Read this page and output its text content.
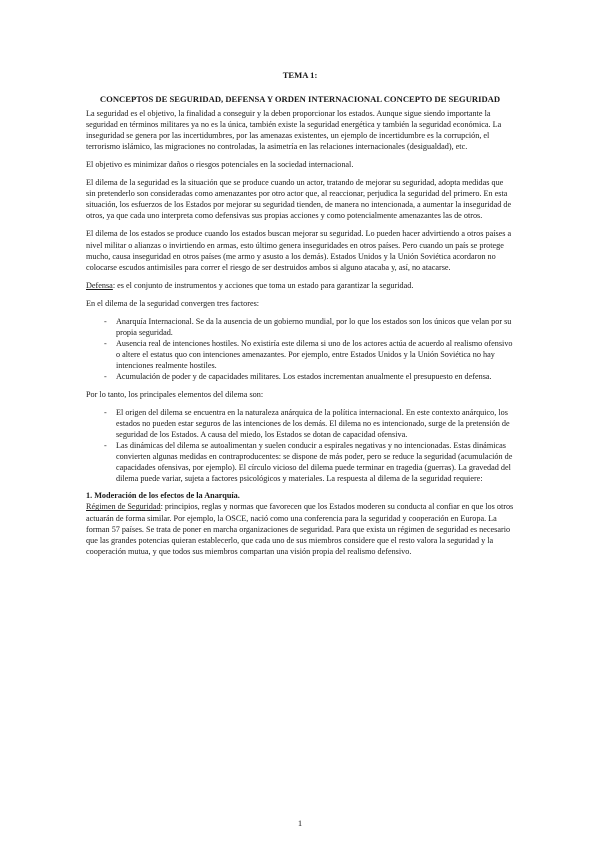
TEMA 1:
CONCEPTOS DE SEGURIDAD, DEFENSA Y ORDEN INTERNACIONAL CONCEPTO DE SEGURIDAD

La seguridad es el objetivo, la finalidad a conseguir y la deben proporcionar los estados. Aunque sigue siendo importante la seguridad en términos militares ya no es la única, también existe la seguridad energética y también la seguridad económica. La inseguridad se genera por las incertidumbres, por las amenazas existentes, un ejemplo de incertidumbre es la corrupción, el terrorismo islámico, las migraciones no controladas, la asimetría en las relaciones internacionales (desigualdad), etc.

El objetivo es minimizar daños o riesgos potenciales en la sociedad internacional.

El dilema de la seguridad es la situación que se produce cuando un actor, tratando de mejorar su seguridad, adopta medidas que sin pretenderlo son consideradas como amenazantes por otro actor que, al reaccionar, perjudica la seguridad del primero. En esta situación, los esfuerzos de los Estados por mejorar su seguridad tienden, de manera no intencionada, a aumentar la inseguridad de otros, ya que cada uno interpreta como defensivas sus propias acciones y como potencialmente amenazantes las de otros.

El dilema de los estados se produce cuando los estados buscan mejorar su seguridad. Lo pueden hacer advirtiendo a otros países a nivel militar o alianzas o invirtiendo en armas, esto último genera inseguridades en otros países. Pero cuando un país se protege mucho, causa inseguridad en otros países (me armo y asusto a los demás). Estados Unidos y la Unión Soviética acordaron no colocarse escudos antimisiles para correr el riesgo de ser destruidos ambos si alguno atacaba y, así, no atacarse.

Defensa: es el conjunto de instrumentos y acciones que toma un estado para garantizar la seguridad.

En el dilema de la seguridad convergen tres factores:

- Anarquía Internacional. Se da la ausencia de un gobierno mundial, por lo que los estados son los únicos que velan por su propia seguridad.
- Ausencia real de intenciones hostiles. No existiría este dilema si uno de los actores actúa de acuerdo al realismo ofensivo o altere el estatus quo con intenciones amenazantes. Por ejemplo, entre Estados Unidos y la Unión Soviética no hay intenciones realmente hostiles.
- Acumulación de poder y de capacidades militares. Los estados incrementan anualmente el presupuesto en defensa.

Por lo tanto, los principales elementos del dilema son:

- El origen del dilema se encuentra en la naturaleza anárquica de la política internacional. En este contexto anárquico, los estados no pueden estar seguros de las intenciones de los demás. El dilema no es intencionado, surge de la pretensión de seguridad de los Estados. A causa del miedo, los Estados se dotan de capacidad ofensiva.
- Las dinámicas del dilema se autoalimentan y suelen conducir a espirales negativas y no intencionadas. Estas dinámicas convierten algunas medidas en contraproducentes: se dispone de más poder, pero se reduce la seguridad (acumulación de capacidades ofensivas, por ejemplo). El círculo vicioso del dilema puede terminar en tragedia (guerras). La gravedad del dilema puede variar, sujeta a factores psicológicos y materiales. La respuesta al dilema de la seguridad requiere:
1. Moderación de los efectos de la Anarquía.

Régimen de Seguridad: principios, reglas y normas que favorecen que los Estados moderen su conducta al confiar en que los otros actuarán de forma similar. Por ejemplo, la OSCE, nació como una conferencia para la seguridad y cooperación en Europa. La forman 57 países. Se trata de poner en marcha organizaciones de seguridad. Para que exista un régimen de seguridad es necesario que las grandes potencias quieran establecerlo, que cada uno de sus miembros considere que el resto valora la seguridad y la cooperación mutua, y que todos sus miembros compartan una visión propia del realismo defensivo.

1
